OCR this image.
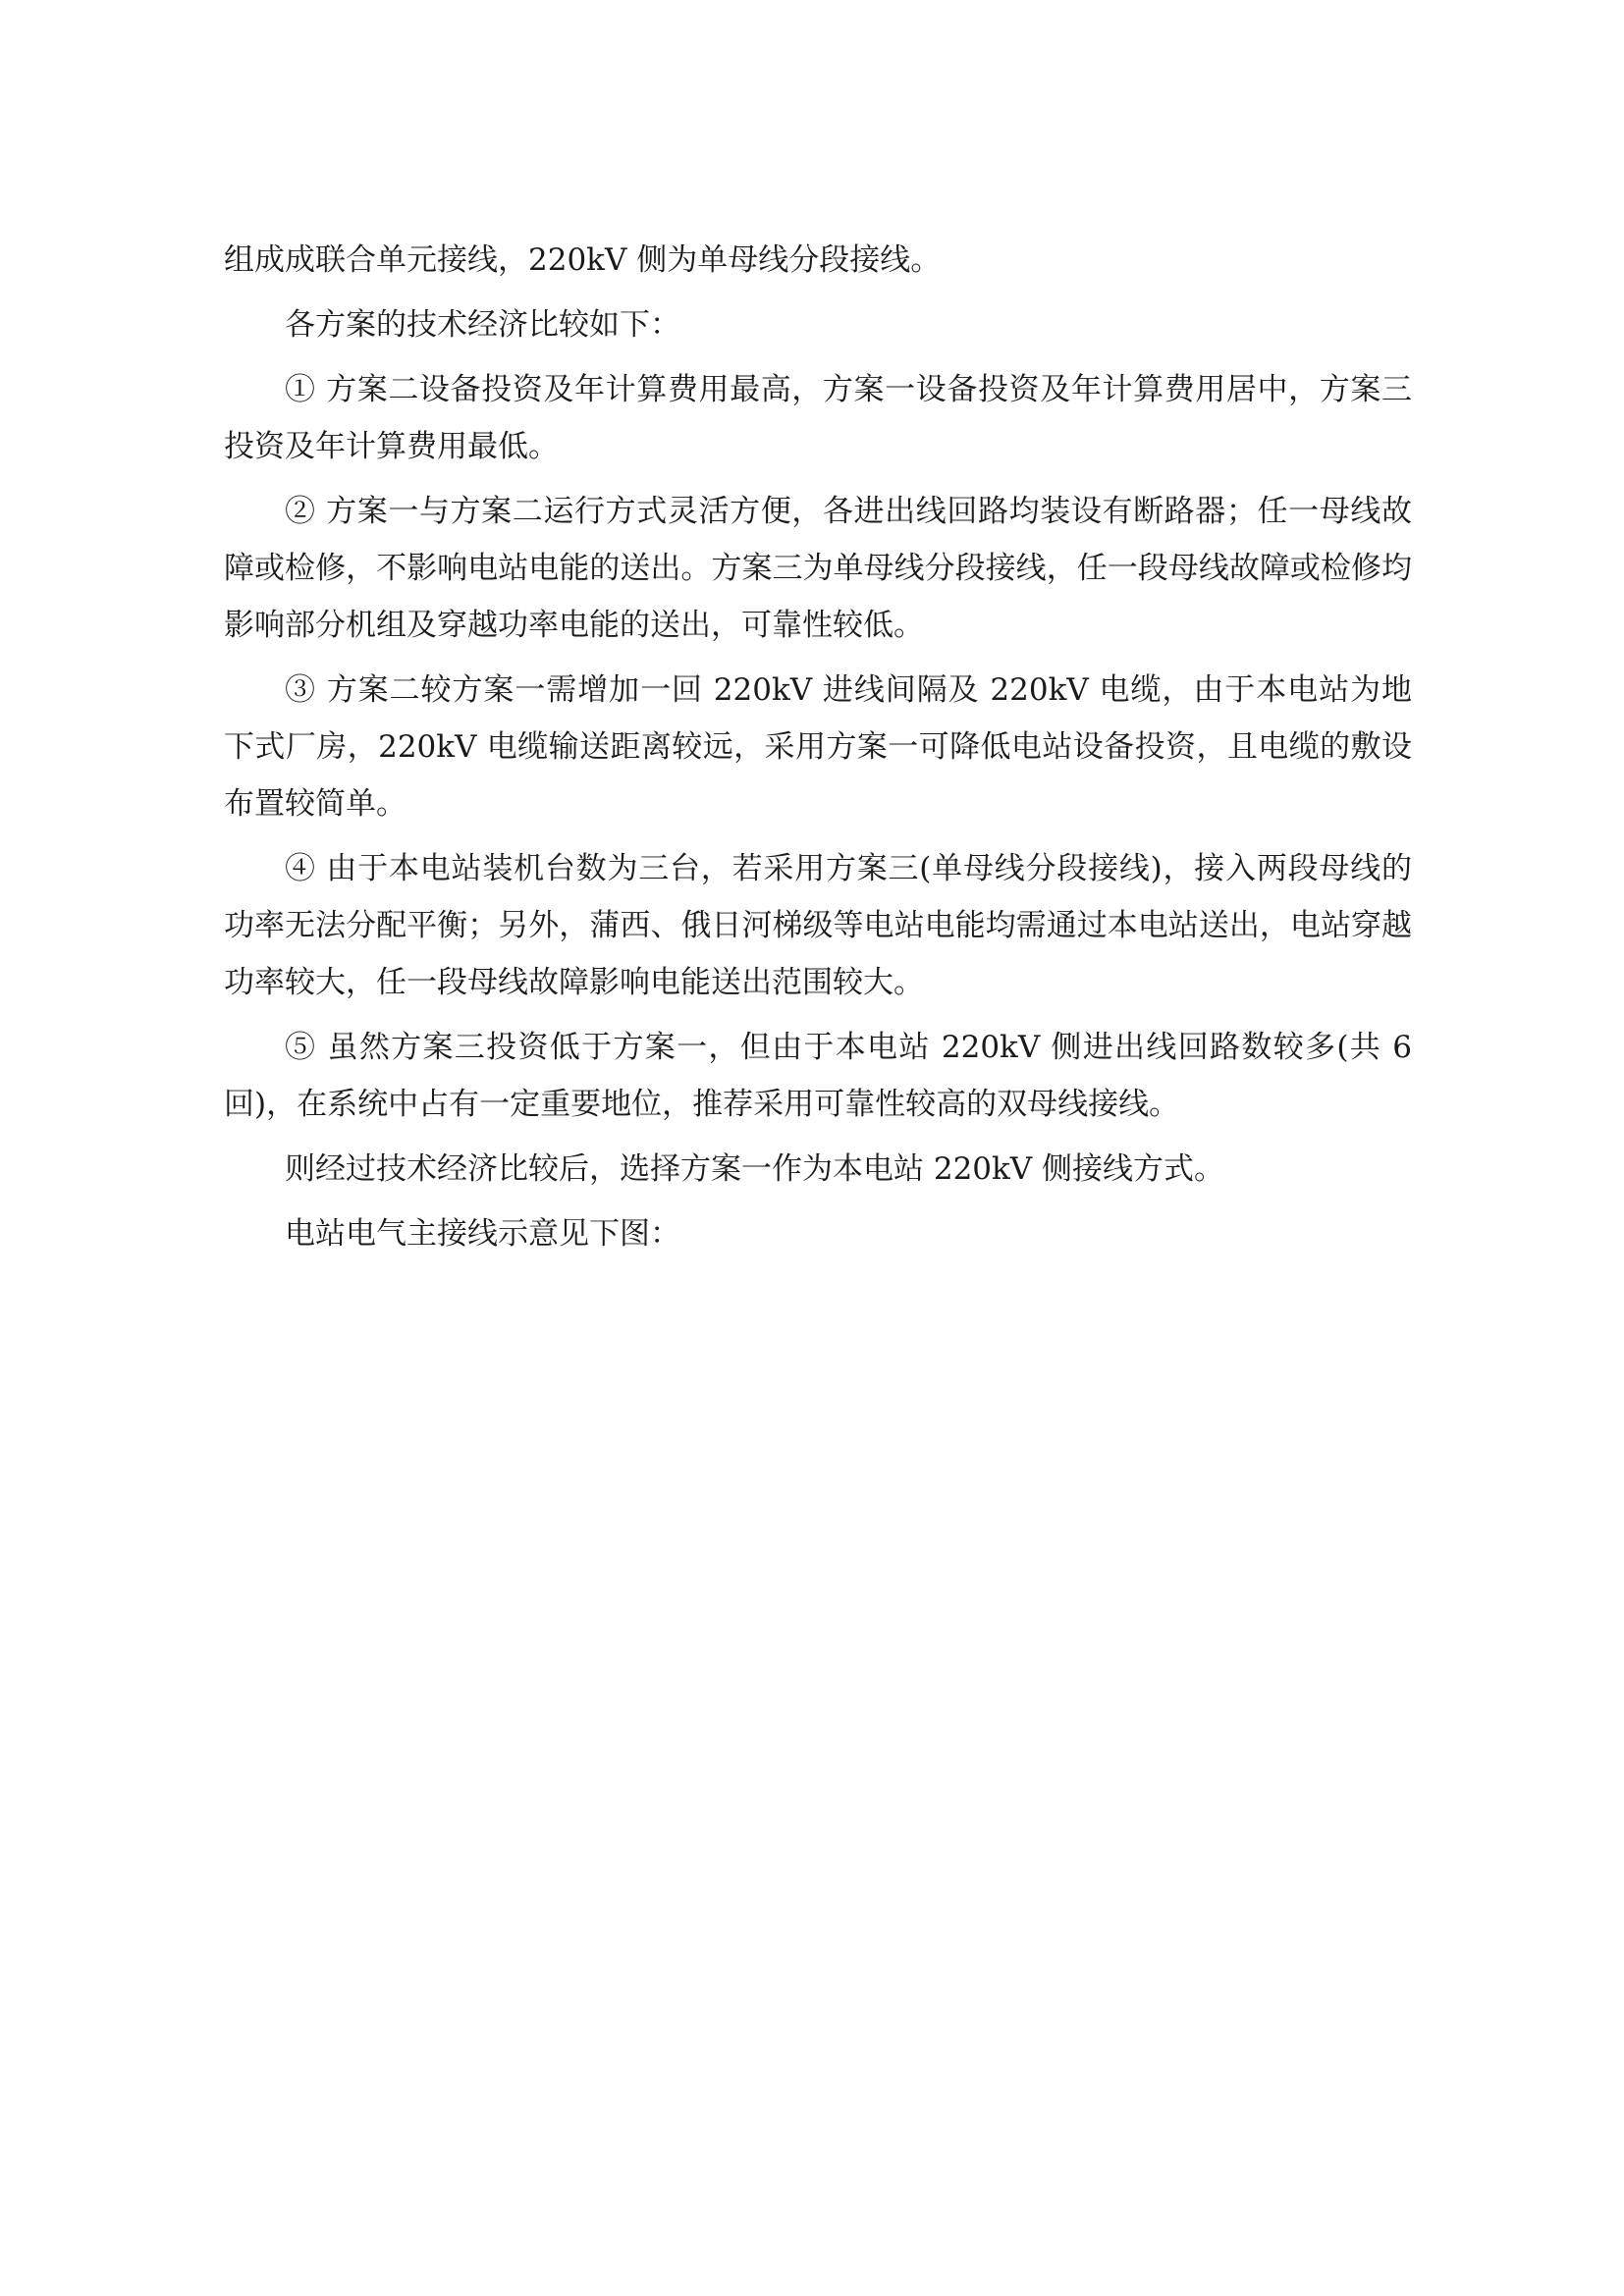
组成成联合单元接线，220kV 侧为单母线分段接线。

各方案的技术经济比较如下：

① 方案二设备投资及年计算费用最高，方案一设备投资及年计算费用居中，方案三投资及年计算费用最低。

② 方案一与方案二运行方式灵活方便，各进出线回路均装设有断路器；任一母线故障或检修，不影响电站电能的送出。方案三为单母线分段接线，任一段母线故障或检修均影响部分机组及穿越功率电能的送出，可靠性较低。

③ 方案二较方案一需增加一回 220kV 进线间隔及 220kV 电缆，由于本电站为地下式厂房，220kV 电缆输送距离较远，采用方案一可降低电站设备投资，且电缆的敷设布置较简单。

④ 由于本电站装机台数为三台，若采用方案三(单母线分段接线)，接入两段母线的功率无法分配平衡；另外，蒲西、俄日河梯级等电站电能均需通过本电站送出，电站穿越功率较大，任一段母线故障影响电能送出范围较大。

⑤ 虽然方案三投资低于方案一，但由于本电站 220kV 侧进出线回路数较多(共 6 回)，在系统中占有一定重要地位，推荐采用可靠性较高的双母线接线。

则经过技术经济比较后，选择方案一作为本电站 220kV 侧接线方式。

电站电气主接线示意见下图：
